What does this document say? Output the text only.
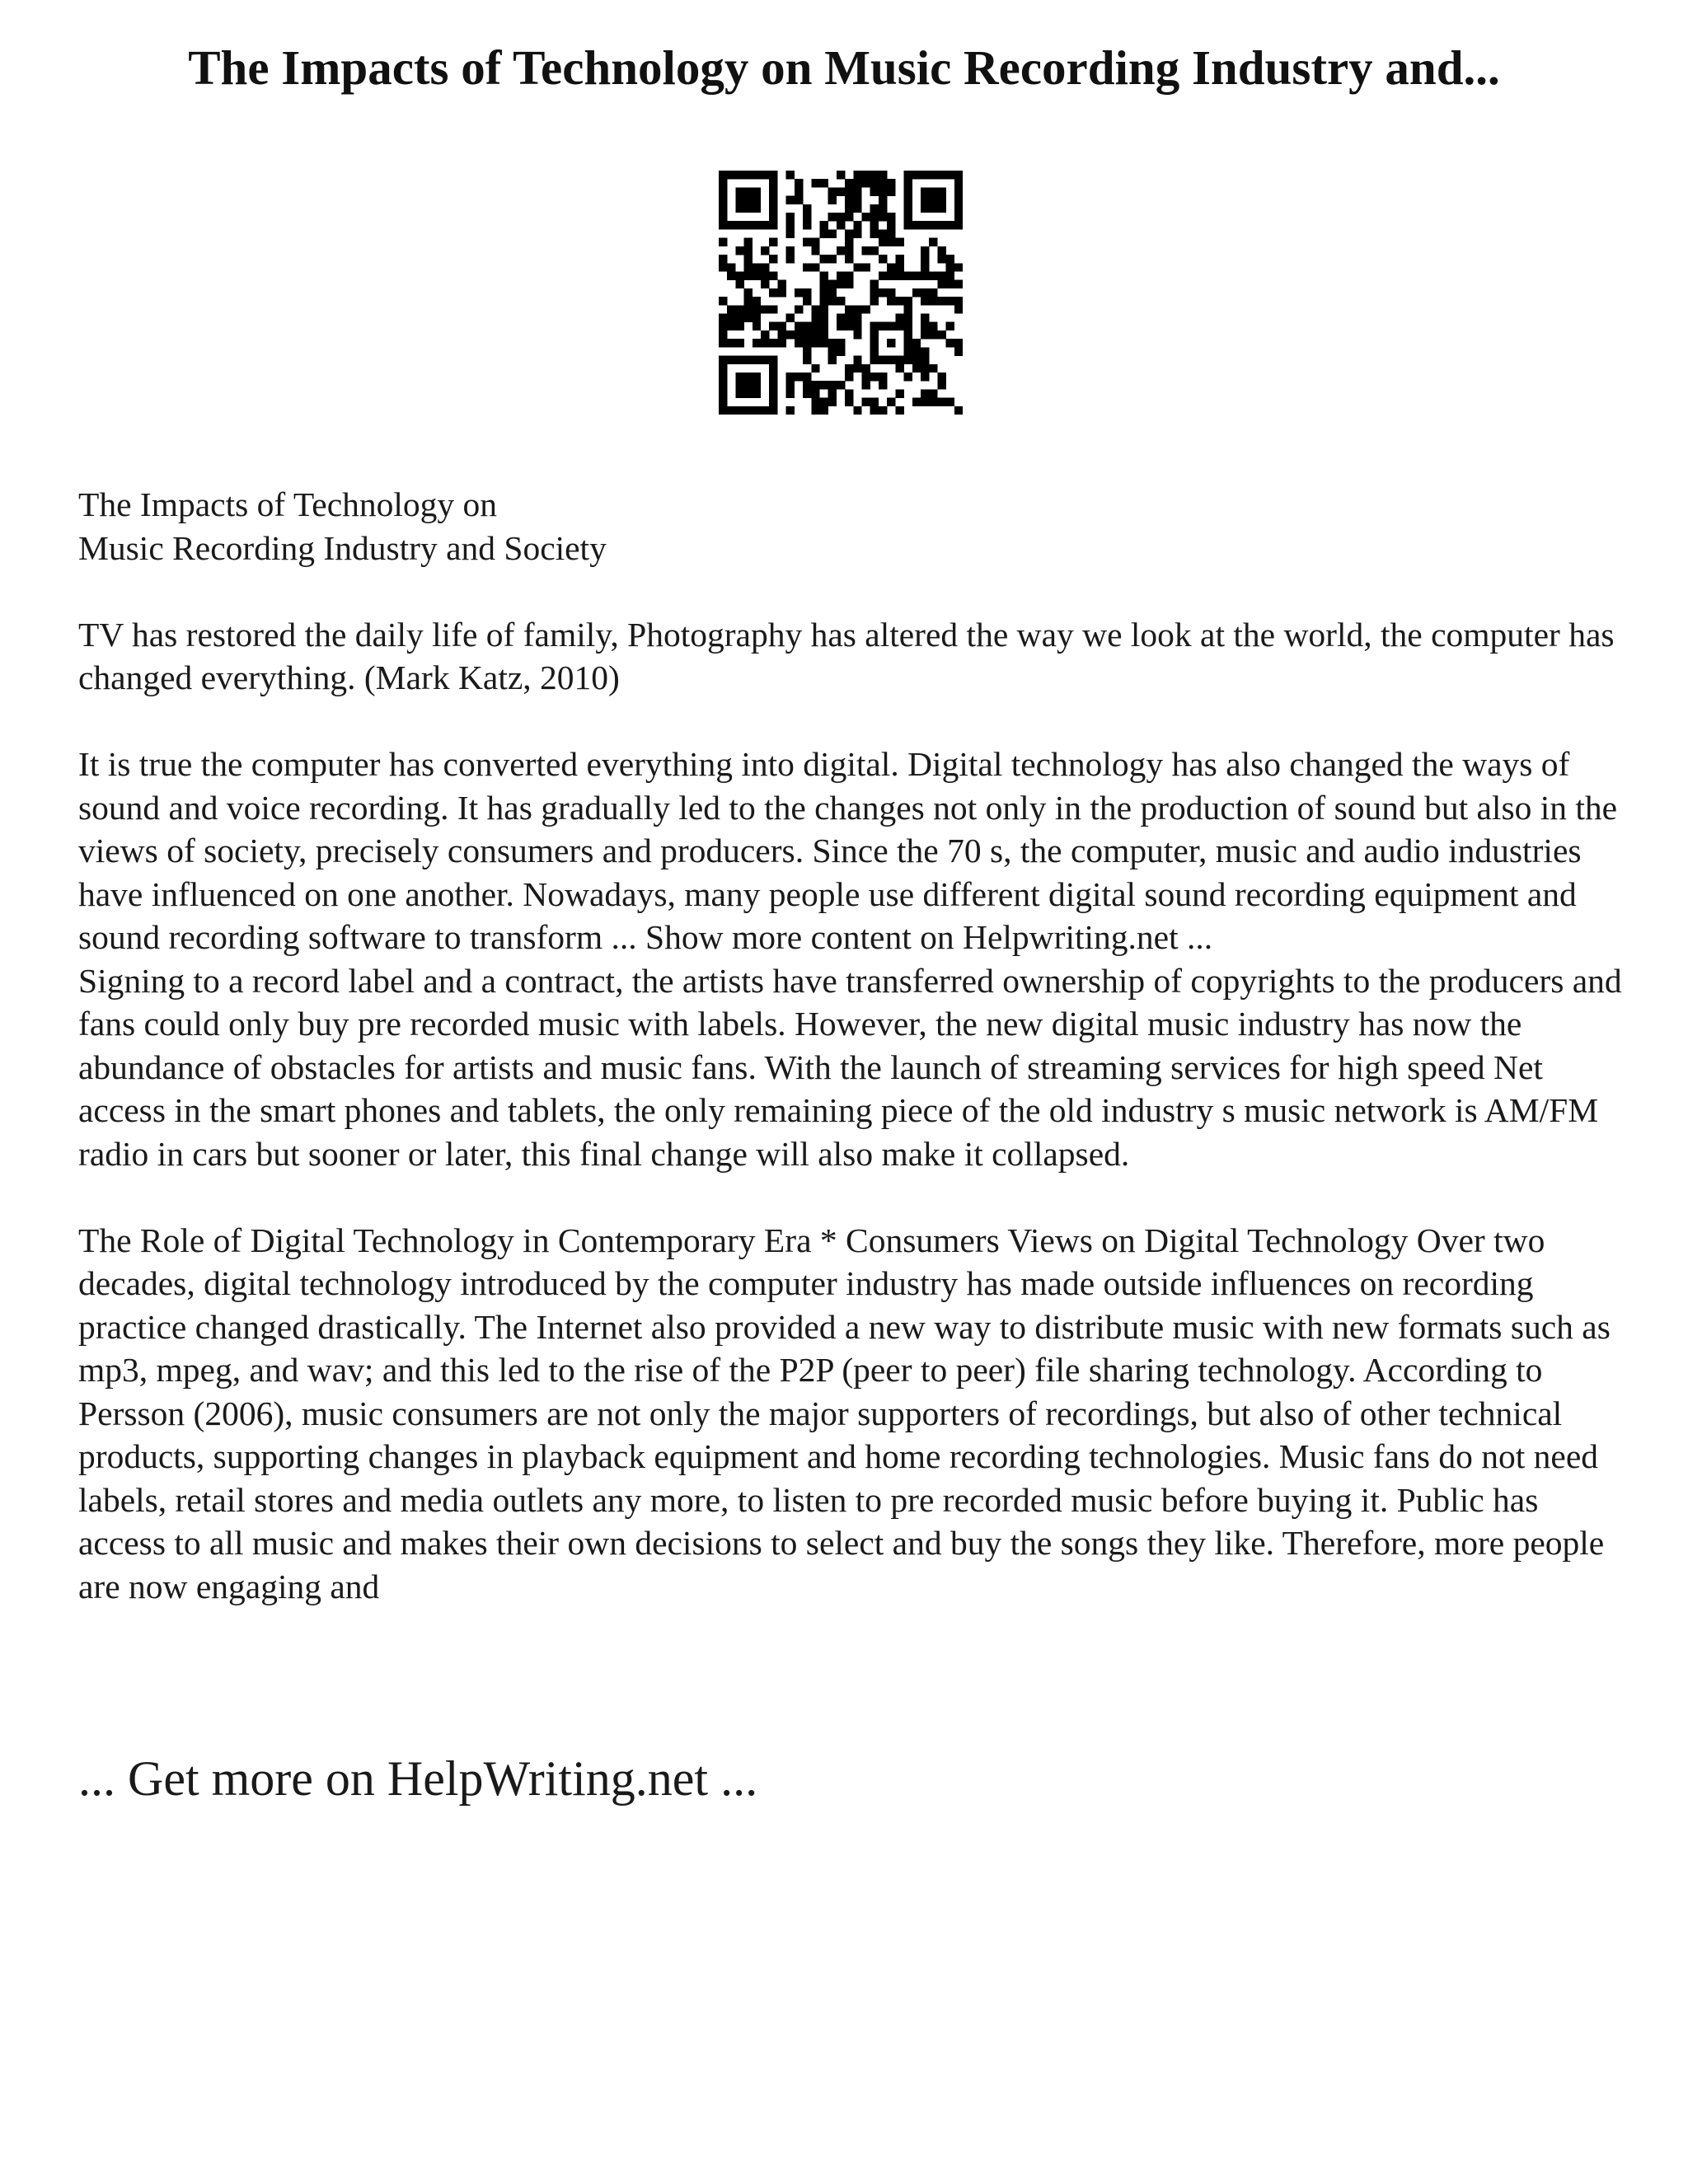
The Impacts of Technology on Music Recording Industry and...

The Impacts of Technology on

Music Recording Industry and Society

TV has restored the daily life of family, Photography has altered the way we look at the world, the computer has changed everything. (Mark Katz, 2010)

It is true the computer has converted everything into digital. Digital technology has also changed the ways of sound and voice recording. It has gradually led to the changes not only in the production of sound but also in the views of society, precisely consumers and producers. Since the 70 s, the computer, music and audio industries have influenced on one another. Nowadays, many people use different digital sound recording equipment and sound recording software to transform ... Show more content on Helpwriting.net ...

Signing to a record label and a contract, the artists have transferred ownership of copyrights to the producers and fans could only buy pre recorded music with labels. However, the new digital music industry has now the abundance of obstacles for artists and music fans. With the launch of streaming services for high speed Net access in the smart phones and tablets, the only remaining piece of the old industry s music network is AM/FM radio in cars but sooner or later, this final change will also make it collapsed.

The Role of Digital Technology in Contemporary Era * Consumers Views on Digital Technology Over two decades, digital technology introduced by the computer industry has made outside influences on recording practice changed drastically. The Internet also provided a new way to distribute music with new formats such as mp3, mpeg, and wav; and this led to the rise of the P2P (peer to peer) file sharing technology. According to Persson (2006), music consumers are not only the major supporters of recordings, but also of other technical products, supporting changes in playback equipment and home recording technologies. Music fans do not need labels, retail stores and media outlets any more, to listen to pre recorded music before buying it. Public has access to all music and makes their own decisions to select and buy the songs they like. Therefore, more people are now engaging and

... Get more on HelpWriting.net ...
